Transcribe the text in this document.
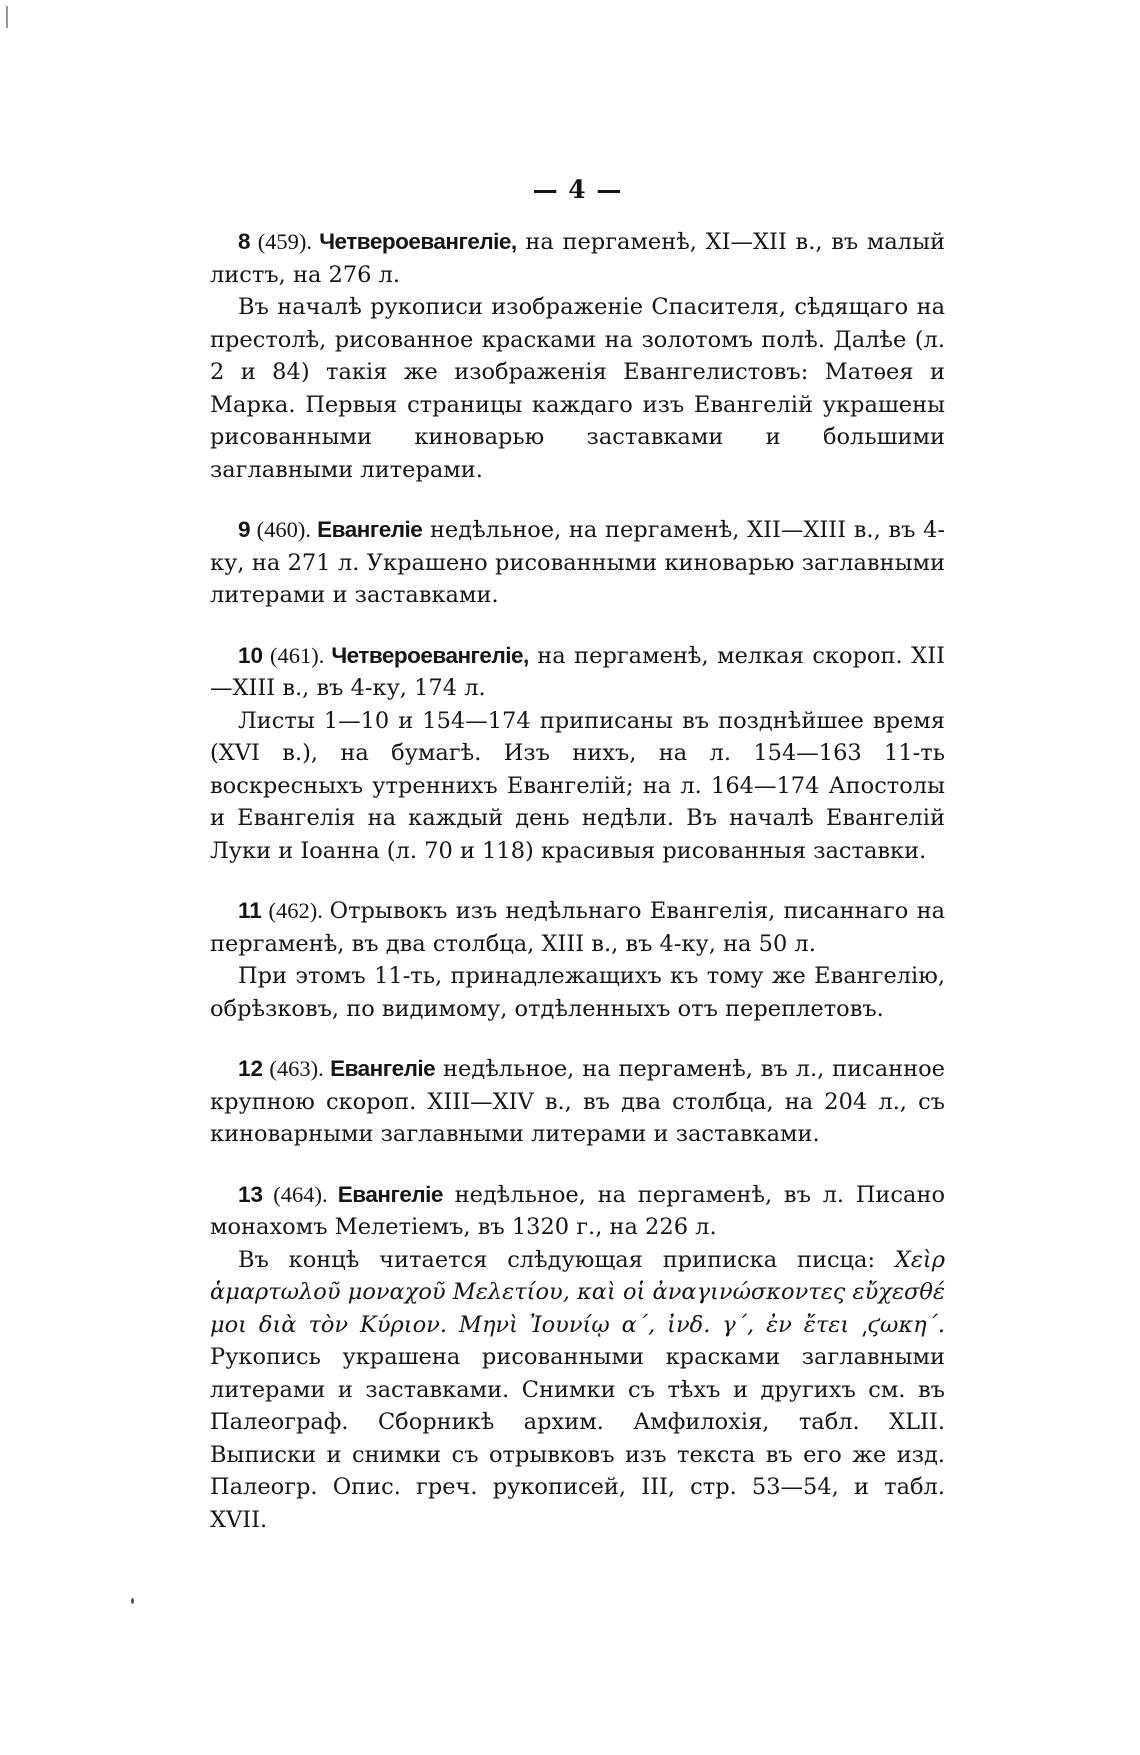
— 4 —

8 (459). Четвероевангеліе, на пергаменѣ, XI—XII в., въ малый листъ, на 276 л.

Въ началѣ рукописи изображеніе Спасителя, сѣдящаго на престолѣ, рисованное красками на золотомъ полѣ. Далѣе (л. 2 и 84) такія же изображенія Евангелистовъ: Матѳея и Марка. Первыя страницы каждаго изъ Евангелій украшены рисованными киноварью заставками и большими заглавными литерами.

9 (460). Евангеліе недѣльное, на пергаменѣ, XII—XIII в., въ 4-ку, на 271 л. Украшено рисованными киноварью заглавными литерами и заставками.

10 (461). Четвероевангеліе, на пергаменѣ, мелкая скороп. XII—XIII в., въ 4-ку, 174 л.

Листы 1—10 и 154—174 приписаны въ позднѣйшее время (XVI в.), на бумагѣ. Изъ нихъ, на л. 154—163 11-ть воскресныхъ утреннихъ Евангелій; на л. 164—174 Апостолы и Евангелія на каждый день недѣли. Въ началѣ Евангелій Луки и Іоанна (л. 70 и 118) красивыя рисованныя заставки.

11 (462). Отрывокъ изъ недѣльнаго Евангелія, писаннаго на пергаменѣ, въ два столбца, XIII в., въ 4-ку, на 50 л.

При этомъ 11-ть, принадлежащихъ къ тому же Евангелію, обрѣзковъ, по видимому, отдѣленныхъ отъ переплетовъ.

12 (463). Евангеліе недѣльное, на пергаменѣ, въ л., писанное крупною скороп. XIII—XIV в., въ два столбца, на 204 л., съ киноварными заглавными литерами и заставками.

13 (464). Евангеліе недѣльное, на пергаменѣ, въ л. Писано монахомъ Мелетіемъ, въ 1320 г., на 226 л.

Въ концѣ читается слѣдующая приписка писца: Χεὶρ ἁμαρτωλοῦ μοναχοῦ Μελετίου, καὶ οἱ ἀναγινώσκοντες εὔχεσθέ μοι διὰ τὸν Κύριον. Μηνὶ Ἰουνίῳ α΄, ἰνδ. γ΄, ἐν ἔτει ͵ϛωκη΄. Рукопись украшена рисованными красками заглавными литерами и заставками. Снимки съ тѣхъ и другихъ см. въ Палеограф. Сборникѣ архим. Амфилохія, табл. XLII. Выписки и снимки съ отрывковъ изъ текста въ его же изд. Палеогр. Опис. греч. рукописей, III, стр. 53—54, и табл. XVII.
